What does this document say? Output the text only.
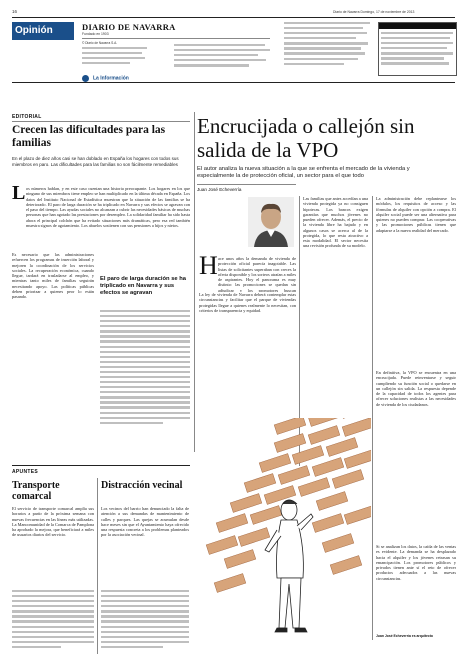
16	Diario de Navarra Domingo, 17 de noviembre de 2013
Opinión	DIARIO DE NAVARRA
Fundado en 1903
© Diario de Navarra S.A.
La Información
EDITORIAL
Crecen las dificultades para las familias
En el plazo de diez años casi se han doblado en España los hogares con todos sus miembros en paro. Las dificultades para las familias no son fácilmente remediables
L os números hablan, y en este caso cuentan una historia preocupante. Los hogares en los que ninguno de sus miembros tiene empleo se han multiplicado en la última década en España. Los datos del Instituto Nacional de Estadística muestran que la situación de las familias se ha deteriorado. El paro de larga duración se ha triplicado en Navarra y sus efectos se agravan con el paso del tiempo. Las ayudas sociales no alcanzan a cubrir las necesidades básicas de muchas personas que han agotado las prestaciones por desempleo. La solidaridad familiar ha sido hasta ahora el principal colchón que ha evitado situaciones más dramáticas, pero esa red también muestra signos de agotamiento. Los abuelos sostienen con sus pensiones a hijos y nietos.
Es necesario que las administraciones refuercen los programas de inserción laboral y mejoren la coordinación de los servicios sociales. La recuperación económica, cuando llegue, tardará en trasladarse al empleo, y mientras tanto miles de familias seguirán necesitando apoyo. Las políticas públicas deben priorizar a quienes peor lo están pasando.
El paro de larga duración se ha triplicado en Navarra y sus efectos se agravan
APUNTES
Transporte comarcal
El servicio de transporte comarcal amplía sus horarios a partir de la próxima semana con nuevas frecuencias en las líneas más utilizadas. La Mancomunidad de la Comarca de Pamplona ha aprobado la mejora, que beneficiará a miles de usuarios diarios del servicio.
Distracción vecinal
Los vecinos del barrio han denunciado la falta de atención a sus demandas de mantenimiento de calles y parques. Las quejas se acumulan desde hace meses sin que el Ayuntamiento haya ofrecido una respuesta concreta a los problemas planteados por la asociación vecinal.
Encrucijada o callejón sin salida de la VPO
El autor analiza la nueva situación a la que se enfrenta el mercado de la vivienda y especialmente la de protección oficial, un sector para el que todo
Juan José Echeverría
H ace unos años la demanda de vivienda de protección oficial parecía inagotable. Las listas de solicitantes superaban con creces la oferta disponible y los sorteos atraían a miles de aspirantes. Hoy el panorama es muy distinto: las promociones se quedan sin adjudicar y los promotores buscan
La ley de vivienda de Navarra deberá contemplar estas circunstancias y facilitar que el parque de viviendas protegidas llegue a quienes realmente lo necesitan, con criterios de transparencia y equidad.
Las familias que antes accedían a una vivienda protegida ya no consiguen hipotecas. Los bancos exigen garantías que muchos jóvenes no pueden ofrecer. Además, el precio de la vivienda libre ha bajado y en algunos casos se acerca al de la protegida, lo que resta atractivo a esta modalidad. El sector necesita una revisión profunda de su modelo.
La administración debe replantearse los módulos, los requisitos de acceso y las fórmulas de alquiler con opción a compra. El alquiler social puede ser una alternativa para quienes no pueden comprar. Las cooperativas y las promociones públicas tienen que adaptarse a la nueva realidad del mercado.
En definitiva, la VPO se encuentra en una encrucijada. Puede reinventarse y seguir cumpliendo su función social o quedarse en un callejón sin salida. La respuesta depende de la capacidad de todos los agentes para ofrecer soluciones realistas a las necesidades de vivienda de los ciudadanos.
Si se analizan los datos, la caída de las ventas es evidente. La demanda se ha desplazado hacia el alquiler y los jóvenes retrasan su emancipación. Los promotores públicos y privados tienen ante sí el reto de ofrecer productos adecuados a las nuevas circunstancias.
Juan José Echeverría es arquitecto
